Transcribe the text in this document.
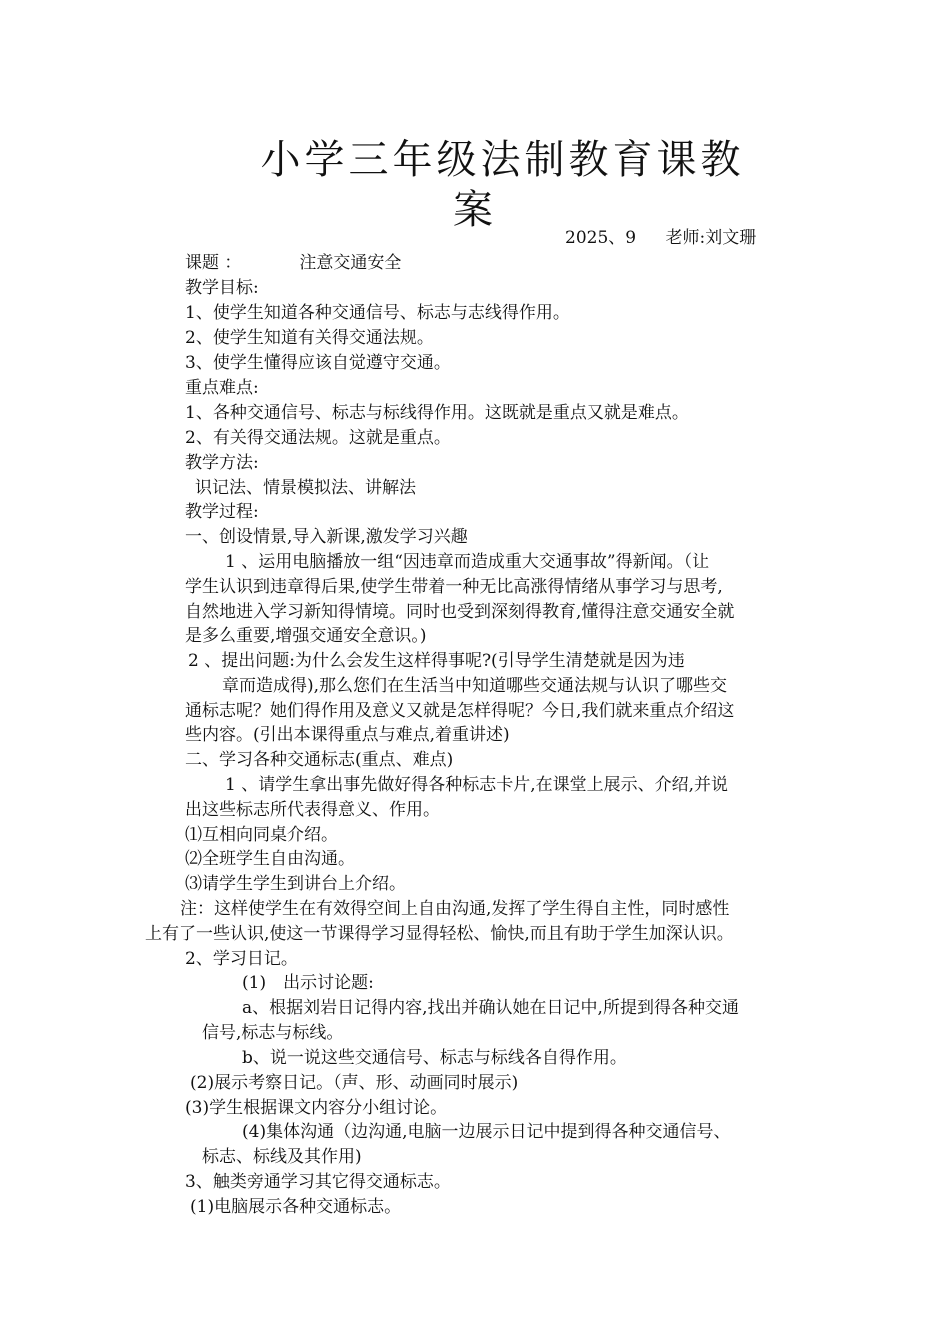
小学三年级法制教育课教
案
2025、9 老师:刘文珊
课题 ：	注意交通安全
教学目标:
1、使学生知道各种交通信号、标志与志线得作用。
2、使学生知道有关得交通法规。
3、使学生懂得应该自觉遵守交通。
重点难点:
1、各种交通信号、标志与标线得作用。这既就是重点又就是难点。
2、有关得交通法规。这就是重点。
教学方法:
识记法、情景模拟法、讲解法
教学过程:
一、创设情景,导入新课,激发学习兴趣
1 、运用电脑播放一组“因违章而造成重大交通事故”得新闻。（让
学生认识到违章得后果,使学生带着一种无比高涨得情绪从事学习与思考,
自然地进入学习新知得情境。同时也受到深刻得教育,懂得注意交通安全就
是多么重要,增强交通安全意识。)
2 、提出问题:为什么会发生这样得事呢?(引导学生清楚就是因为违
章而造成得),那么您们在生活当中知道哪些交通法规与认识了哪些交
通标志呢？她们得作用及意义又就是怎样得呢？今日,我们就来重点介绍这
些内容。(引出本课得重点与难点,着重讲述)
二、学习各种交通标志(重点、难点)
1 、请学生拿出事先做好得各种标志卡片,在课堂上展示、介绍,并说
出这些标志所代表得意义、作用。
⑴互相向同桌介绍。
⑵全班学生自由沟通。
⑶请学生学生到讲台上介绍。
注：这样使学生在有效得空间上自由沟通,发挥了学生得自主性，同时感性
上有了一些认识,使这一节课得学习显得轻松、愉快,而且有助于学生加深认识。
2、学习日记。
(1)　出示讨论题:
a、根据刘岩日记得内容,找出并确认她在日记中,所提到得各种交通
信号,标志与标线。
b、说一说这些交通信号、标志与标线各自得作用。
(2)展示考察日记。（声、形、动画同时展示)
(3)学生根据课文内容分小组讨论。
(4)集体沟通（边沟通,电脑一边展示日记中提到得各种交通信号、
标志、标线及其作用)
3、触类旁通学习其它得交通标志。
(1)电脑展示各种交通标志。
